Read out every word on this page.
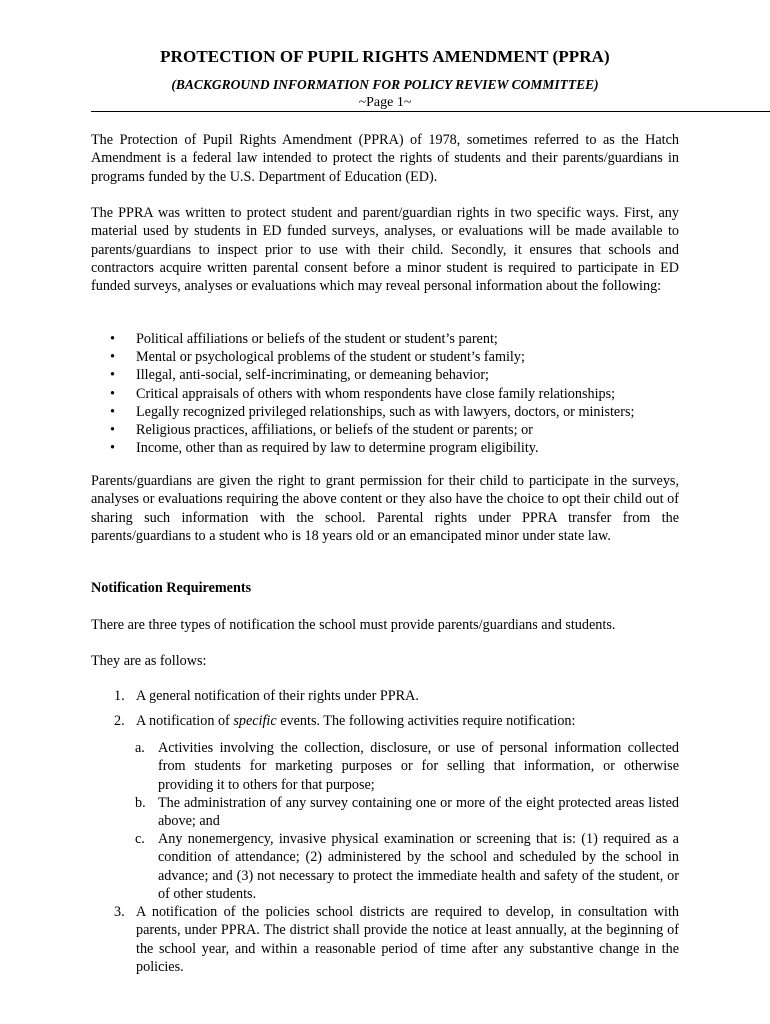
PROTECTION OF PUPIL RIGHTS AMENDMENT (PPRA)
(BACKGROUND INFORMATION FOR POLICY REVIEW COMMITTEE)
~Page 1~

The Protection of Pupil Rights Amendment (PPRA) of 1978, sometimes referred to as the Hatch Amendment is a federal law intended to protect the rights of students and their parents/guardians in programs funded by the U.S. Department of Education (ED).

The PPRA was written to protect student and parent/guardian rights in two specific ways. First, any material used by students in ED funded surveys, analyses, or evaluations will be made available to parents/guardians to inspect prior to use with their child. Secondly, it ensures that schools and contractors acquire written parental consent before a minor student is required to participate in ED funded surveys, analyses or evaluations which may reveal personal information about the following:

• Political affiliations or beliefs of the student or student’s parent;
• Mental or psychological problems of the student or student’s family;
• Illegal, anti-social, self-incriminating, or demeaning behavior;
• Critical appraisals of others with whom respondents have close family relationships;
• Legally recognized privileged relationships, such as with lawyers, doctors, or ministers;
• Religious practices, affiliations, or beliefs of the student or parents; or
• Income, other than as required by law to determine program eligibility.

Parents/guardians are given the right to grant permission for their child to participate in the surveys, analyses or evaluations requiring the above content or they also have the choice to opt their child out of sharing such information with the school. Parental rights under PPRA transfer from the parents/guardians to a student who is 18 years old or an emancipated minor under state law.

Notification Requirements

There are three types of notification the school must provide parents/guardians and students.

They are as follows:

1. A general notification of their rights under PPRA.
2. A notification of specific events. The following activities require notification:
a. Activities involving the collection, disclosure, or use of personal information collected from students for marketing purposes or for selling that information, or otherwise providing it to others for that purpose;
b. The administration of any survey containing one or more of the eight protected areas listed above; and
c. Any nonemergency, invasive physical examination or screening that is: (1) required as a condition of attendance; (2) administered by the school and scheduled by the school in advance; and (3) not necessary to protect the immediate health and safety of the student, or of other students.
3. A notification of the policies school districts are required to develop, in consultation with parents, under PPRA. The district shall provide the notice at least annually, at the beginning of the school year, and within a reasonable period of time after any substantive change in the policies.
